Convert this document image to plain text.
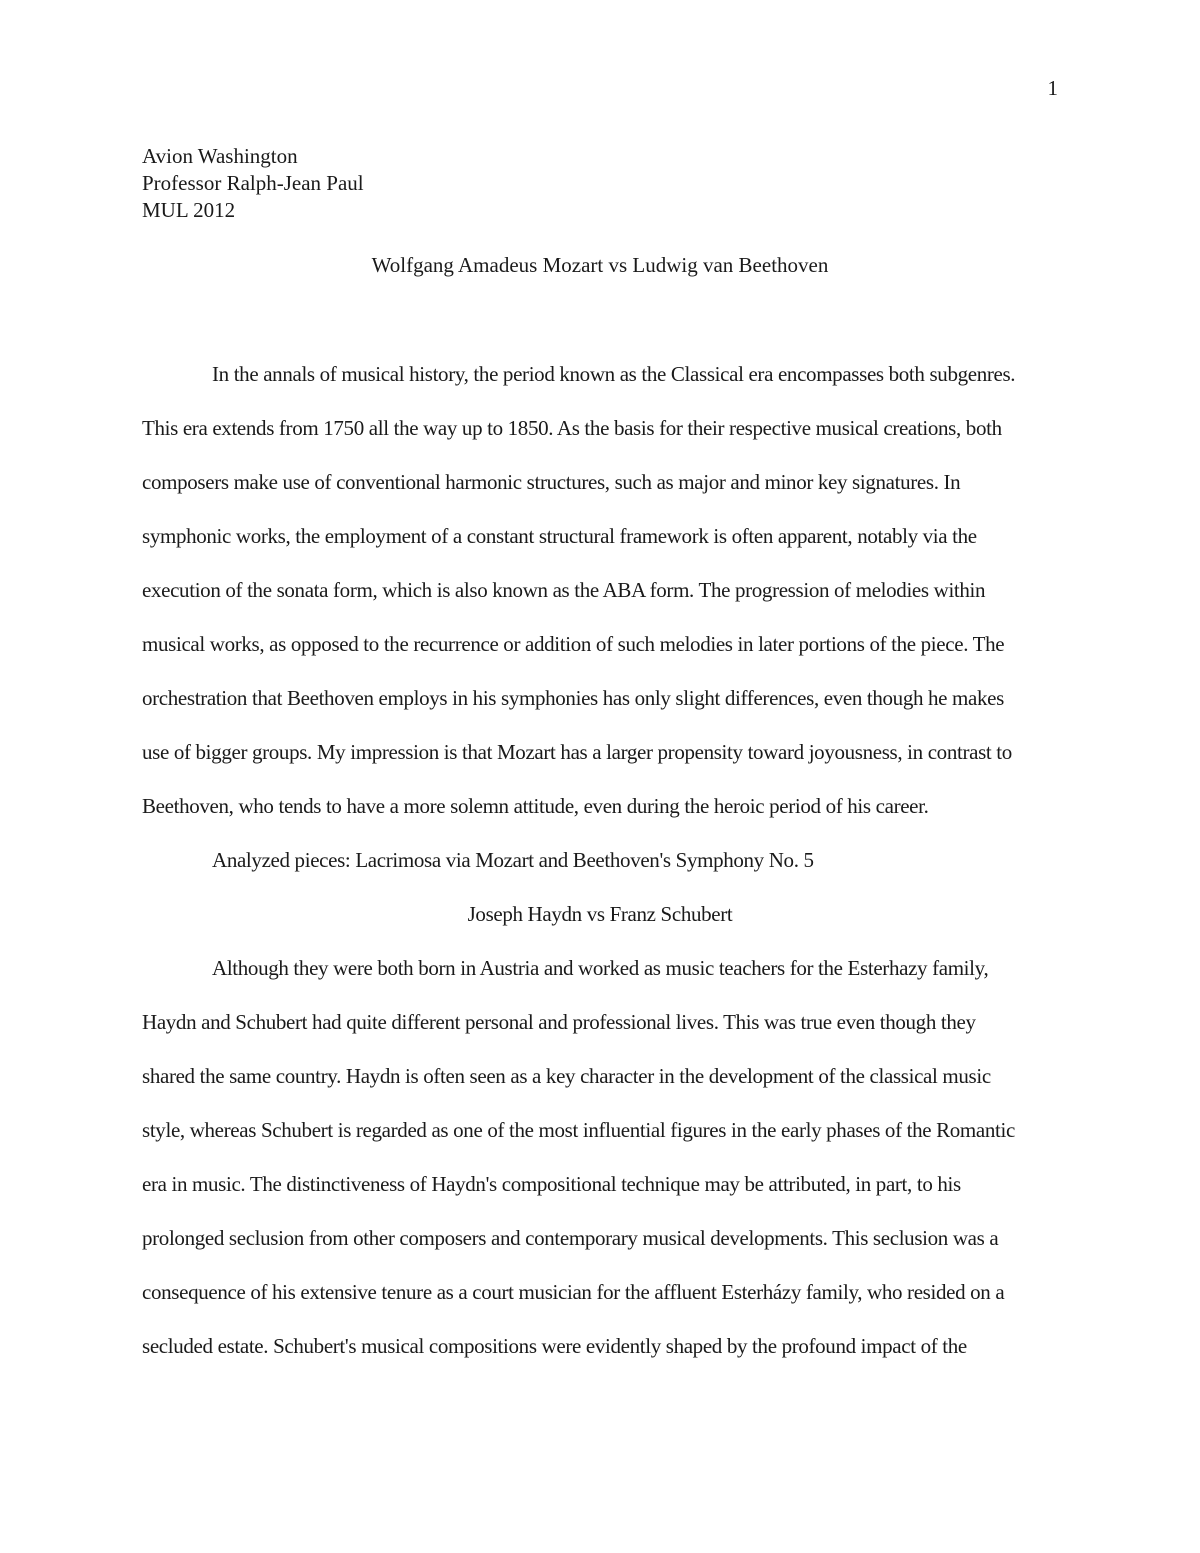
1
Avion Washington
Professor Ralph-Jean Paul
MUL 2012
Wolfgang Amadeus Mozart vs Ludwig van Beethoven
In the annals of musical history, the period known as the Classical era encompasses both subgenres.
This era extends from 1750 all the way up to 1850. As the basis for their respective musical creations, both
composers make use of conventional harmonic structures, such as major and minor key signatures. In
symphonic works, the employment of a constant structural framework is often apparent, notably via the
execution of the sonata form, which is also known as the ABA form. The progression of melodies within
musical works, as opposed to the recurrence or addition of such melodies in later portions of the piece. The
orchestration that Beethoven employs in his symphonies has only slight differences, even though he makes
use of bigger groups. My impression is that Mozart has a larger propensity toward joyousness, in contrast to
Beethoven, who tends to have a more solemn attitude, even during the heroic period of his career.
Analyzed pieces: Lacrimosa via Mozart and Beethoven's Symphony No. 5
Joseph Haydn vs Franz Schubert
Although they were both born in Austria and worked as music teachers for the Esterhazy family,
Haydn and Schubert had quite different personal and professional lives. This was true even though they
shared the same country. Haydn is often seen as a key character in the development of the classical music
style, whereas Schubert is regarded as one of the most influential figures in the early phases of the Romantic
era in music. The distinctiveness of Haydn's compositional technique may be attributed, in part, to his
prolonged seclusion from other composers and contemporary musical developments. This seclusion was a
consequence of his extensive tenure as a court musician for the affluent Esterházy family, who resided on a
secluded estate. Schubert's musical compositions were evidently shaped by the profound impact of the
